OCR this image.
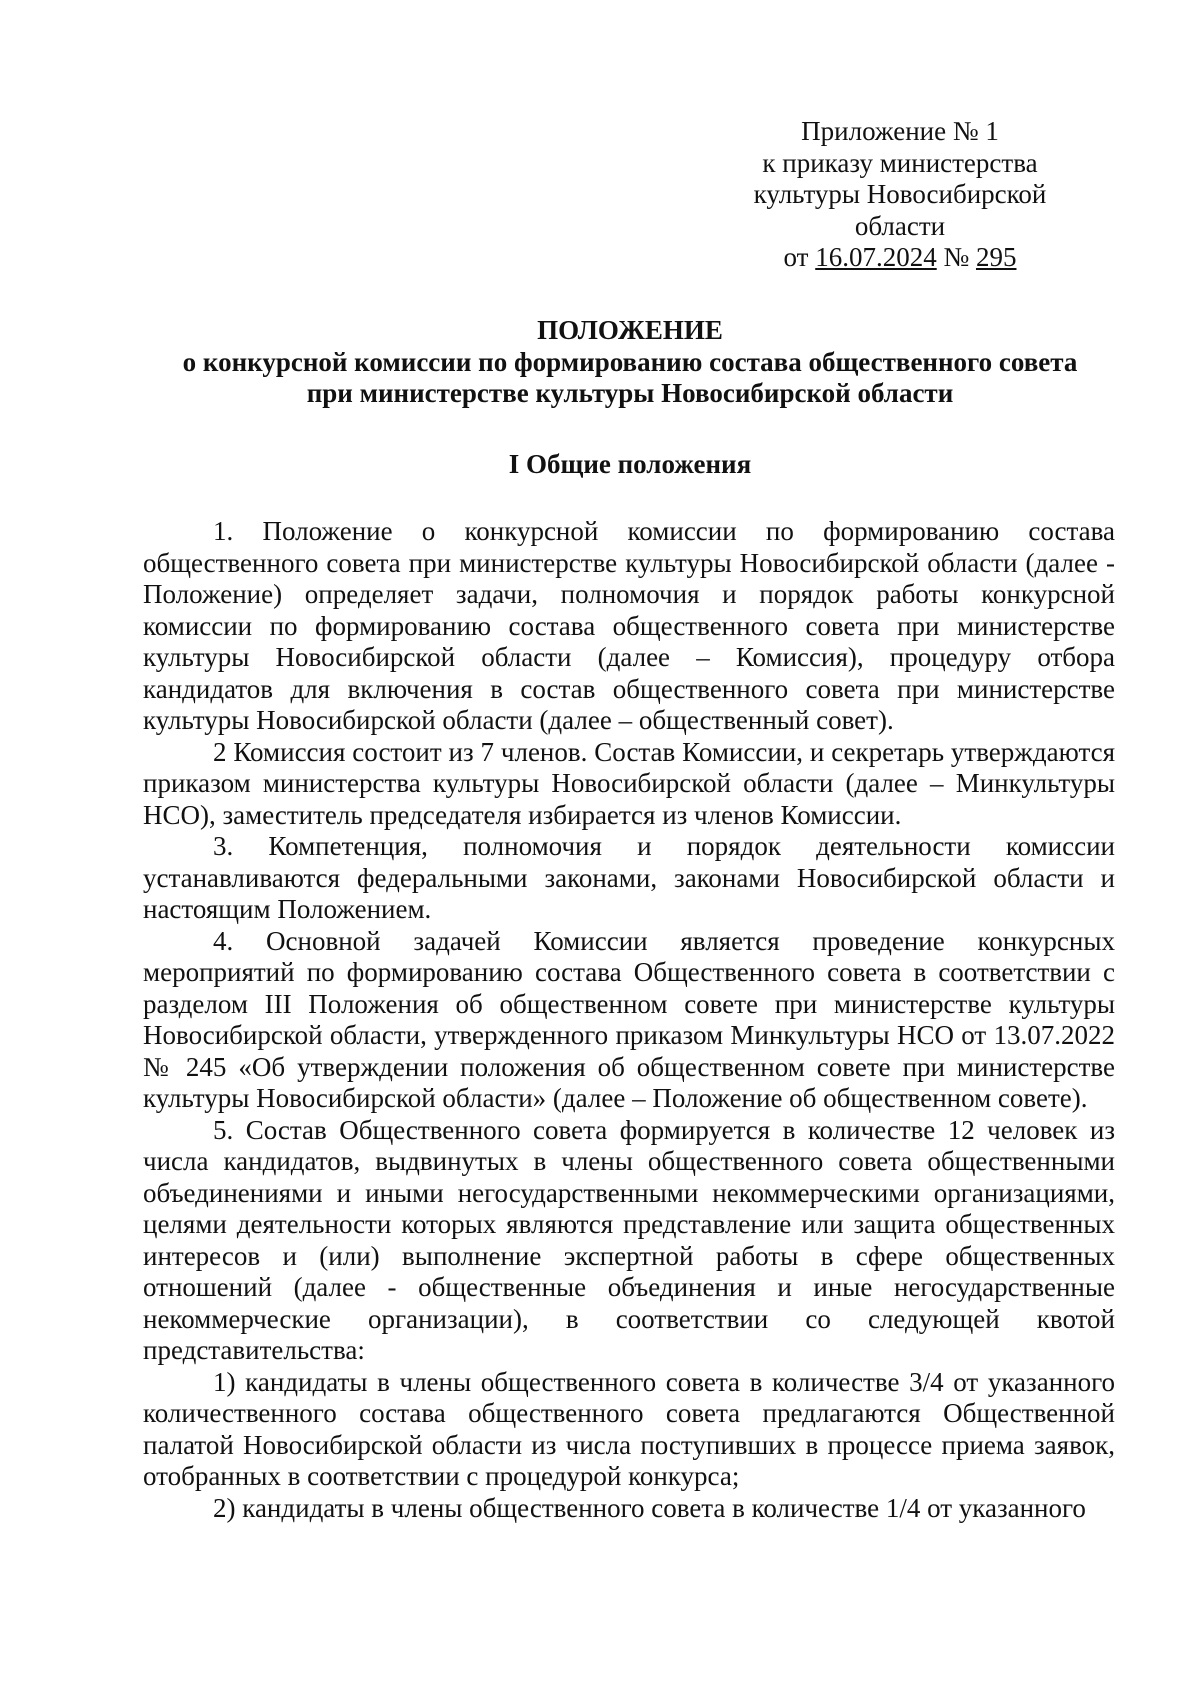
Приложение № 1
к приказу министерства
культуры Новосибирской
области
от 16.07.2024 № 295
ПОЛОЖЕНИЕ
о конкурсной комиссии по формированию состава общественного совета
при министерстве культуры Новосибирской области
I Общие положения

1. Положение о конкурсной комиссии по формированию состава общественного совета при министерстве культуры Новосибирской области (далее - Положение) определяет задачи, полномочия и порядок работы конкурсной комиссии по формированию состава общественного совета при министерстве культуры Новосибирской области (далее – Комиссия), процедуру отбора кандидатов для включения в состав общественного совета при министерстве культуры Новосибирской области (далее – общественный совет).

2 Комиссия состоит из 7 членов. Состав Комиссии, и секретарь утверждаются приказом министерства культуры Новосибирской области (далее – Минкультуры НСО), заместитель председателя избирается из членов Комиссии.

3. Компетенция, полномочия и порядок деятельности комиссии устанавливаются федеральными законами, законами Новосибирской области и настоящим Положением.

4. Основной задачей Комиссии является проведение конкурсных мероприятий по формированию состава Общественного совета в соответствии с разделом III Положения об общественном совете при министерстве культуры Новосибирской области, утвержденного приказом Минкультуры НСО от 13.07.2022 № 245 «Об утверждении положения об общественном совете при министерстве культуры Новосибирской области» (далее – Положение об общественном совете).

5. Состав Общественного совета формируется в количестве 12 человек из числа кандидатов, выдвинутых в члены общественного совета общественными объединениями и иными негосударственными некоммерческими организациями, целями деятельности которых являются представление или защита общественных интересов и (или) выполнение экспертной работы в сфере общественных отношений (далее - общественные объединения и иные негосударственные некоммерческие организации), в соответствии со следующей квотой представительства:

1) кандидаты в члены общественного совета в количестве 3/4 от указанного количественного состава общественного совета предлагаются Общественной палатой Новосибирской области из числа поступивших в процессе приема заявок, отобранных в соответствии с процедурой конкурса;

2) кандидаты в члены общественного совета в количестве 1/4 от указанного
